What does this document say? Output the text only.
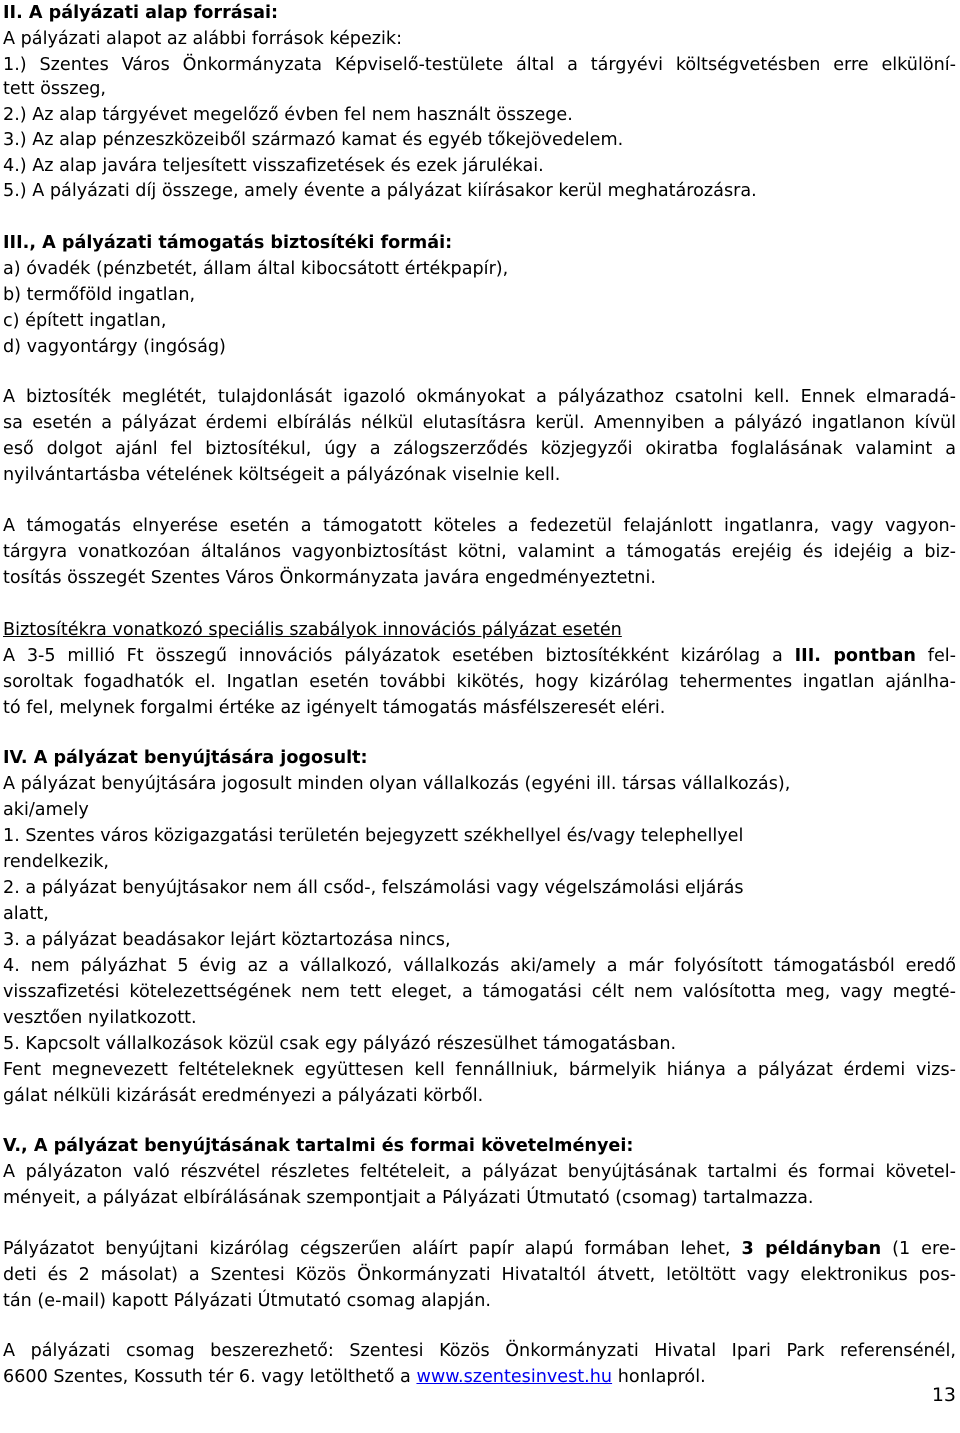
II. A pályázati alap forrásai:
A pályázati alapot az alábbi források képezik:
1.) Szentes Város Önkormányzata Képviselő-testülete által a tárgyévi költségvetésben erre elkülöní-
tett összeg,
2.) Az alap tárgyévet megelőző évben fel nem használt összege.
3.) Az alap pénzeszközeiből származó kamat és egyéb tőkejövedelem.
4.) Az alap javára teljesített visszafizetések és ezek járulékai.
5.) A pályázati díj összege, amely évente a pályázat kiírásakor kerül meghatározásra.
III., A pályázati támogatás biztosítéki formái:
a) óvadék (pénzbetét, állam által kibocsátott értékpapír),
b) termőföld ingatlan,
c) épített ingatlan,
d) vagyontárgy (ingóság)
A biztosíték meglétét, tulajdonlását igazoló okmányokat a pályázathoz csatolni kell. Ennek elmaradá-
sa esetén a pályázat érdemi elbírálás nélkül elutasításra kerül. Amennyiben a pályázó ingatlanon kívül
eső dolgot ajánl fel biztosítékul, úgy a zálogszerződés közjegyzői okiratba foglalásának valamint a
nyilvántartásba vételének költségeit a pályázónak viselnie kell.
A támogatás elnyerése esetén a támogatott köteles a fedezetül felajánlott ingatlanra, vagy vagyon-
tárgyra vonatkozóan általános vagyonbiztosítást kötni, valamint a támogatás erejéig és idejéig a biz-
tosítás összegét Szentes Város Önkormányzata javára engedményeztetni.
Biztosítékra vonatkozó speciális szabályok innovációs pályázat esetén
A 3-5 millió Ft összegű innovációs pályázatok esetében biztosítékként kizárólag a III. pontban fel-
soroltak fogadhatók el. Ingatlan esetén további kikötés, hogy kizárólag tehermentes ingatlan ajánlha-
tó fel, melynek forgalmi értéke az igényelt támogatás másfélszeresét eléri.
IV. A pályázat benyújtására jogosult:
A pályázat benyújtására jogosult minden olyan vállalkozás (egyéni ill. társas vállalkozás),
aki/amely
1. Szentes város közigazgatási területén bejegyzett székhellyel és/vagy telephellyel
rendelkezik,
2. a pályázat benyújtásakor nem áll csőd-, felszámolási vagy végelszámolási eljárás
alatt,
3. a pályázat beadásakor lejárt köztartozása nincs,
4. nem pályázhat 5 évig az a vállalkozó, vállalkozás aki/amely a már folyósított támogatásból eredő
visszafizetési kötelezettségének nem tett eleget, a támogatási célt nem valósította meg, vagy megté-
vesztően nyilatkozott.
5. Kapcsolt vállalkozások közül csak egy pályázó részesülhet támogatásban.
Fent megnevezett feltételeknek együttesen kell fennállniuk, bármelyik hiánya a pályázat érdemi vizs-
gálat nélküli kizárását eredményezi a pályázati körből.
V., A pályázat benyújtásának tartalmi és formai követelményei:
A pályázaton való részvétel részletes feltételeit, a pályázat benyújtásának tartalmi és formai követel-
ményeit, a pályázat elbírálásának szempontjait a Pályázati Útmutató (csomag) tartalmazza.
Pályázatot benyújtani kizárólag cégszerűen aláírt papír alapú formában lehet, 3 példányban (1 ere-
deti és 2 másolat) a Szentesi Közös Önkormányzati Hivataltól átvett, letöltött vagy elektronikus pos-
tán (e-mail) kapott Pályázati Útmutató csomag alapján.
A pályázati csomag beszerezhető: Szentesi Közös Önkormányzati Hivatal Ipari Park referensénél,
6600 Szentes, Kossuth tér 6. vagy letölthető a www.szentesinvest.hu honlapról.
13
